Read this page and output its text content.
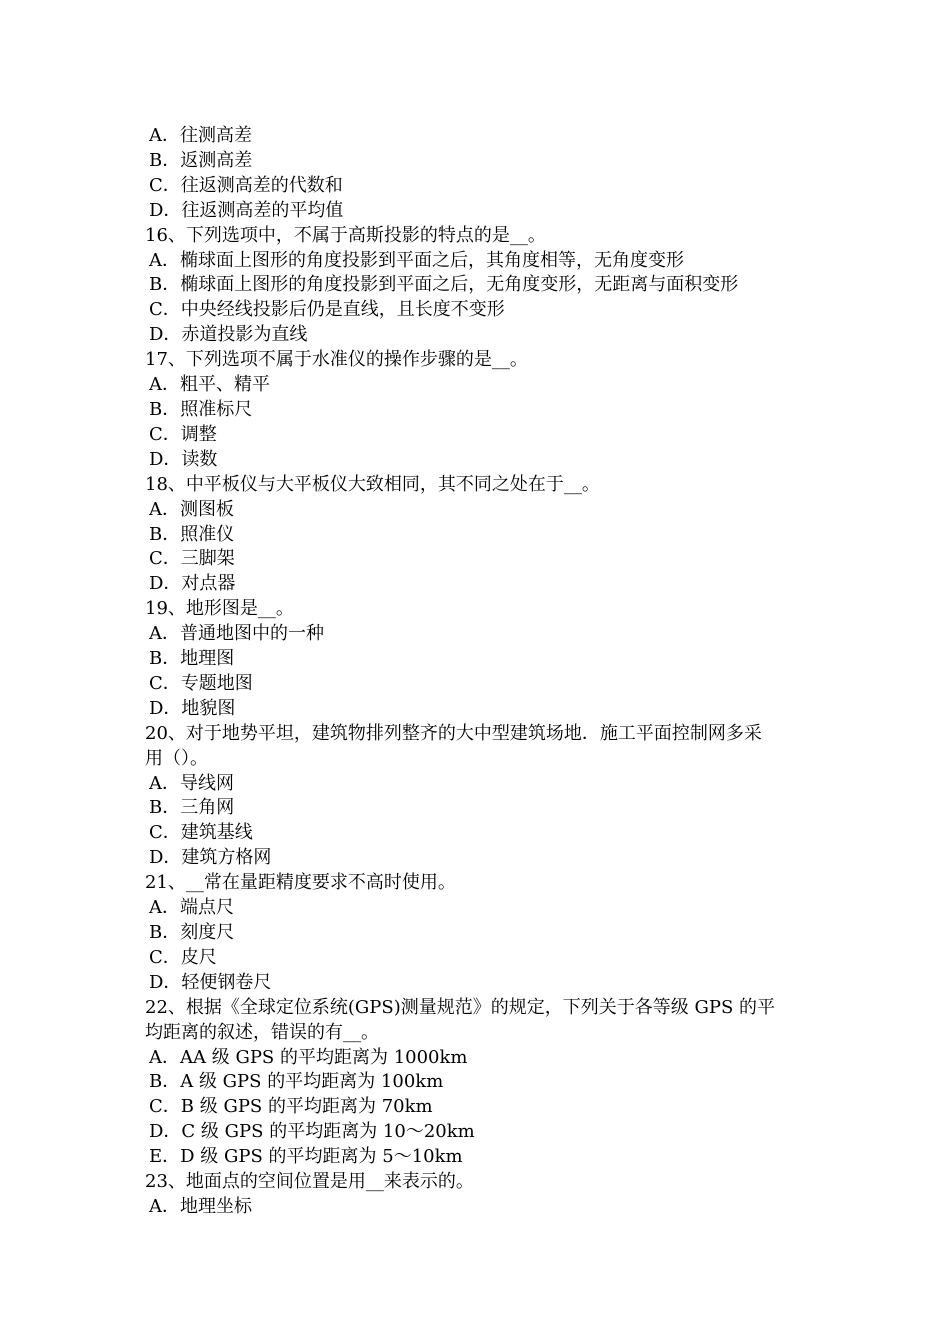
A．往测高差

B．返测高差

C．往返测高差的代数和

D．往返测高差的平均值

16、下列选项中，不属于高斯投影的特点的是__。

A．椭球面上图形的角度投影到平面之后，其角度相等，无角度变形

B．椭球面上图形的角度投影到平面之后，无角度变形，无距离与面积变形

C．中央经线投影后仍是直线，且长度不变形

D．赤道投影为直线

17、下列选项不属于水准仪的操作步骤的是__。

A．粗平、精平

B．照准标尺

C．调整

D．读数

18、中平板仪与大平板仪大致相同，其不同之处在于__。

A．测图板

B．照准仪

C．三脚架

D．对点器

19、地形图是__。

A．普通地图中的一种

B．地理图

C．专题地图

D．地貌图

20、对于地势平坦，建筑物排列整齐的大中型建筑场地．施工平面控制网多采

用（）。

A．导线网

B．三角网

C．建筑基线

D．建筑方格网

21、__常在量距精度要求不高时使用。

A．端点尺

B．刻度尺

C．皮尺

D．轻便钢卷尺

22、根据《全球定位系统(GPS)测量规范》的规定，下列关于各等级 GPS 的平

均距离的叙述，错误的有__。

A．AA 级 GPS 的平均距离为 1000km

B．A 级 GPS 的平均距离为 100km

C．B 级 GPS 的平均距离为 70km

D．C 级 GPS 的平均距离为 10～20km

E．D 级 GPS 的平均距离为 5～10km

23、地面点的空间位置是用__来表示的。

A．地理坐标
